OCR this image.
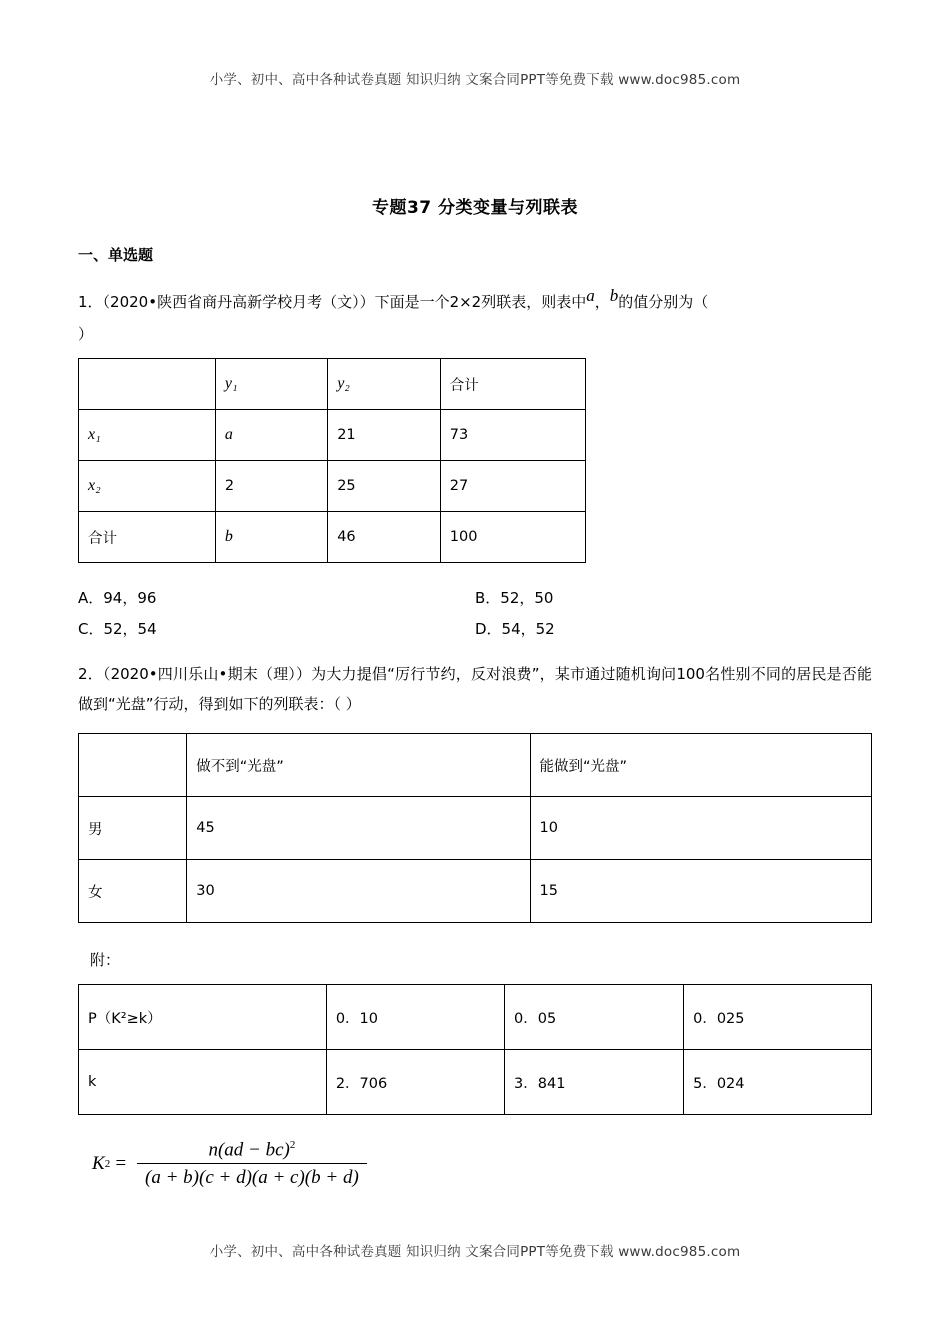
小学、初中、高中各种试卷真题 知识归纳 文案合同PPT等免费下载 www.doc985.com
专题37 分类变量与列联表
一、单选题
1．（2020•陕西省商丹高新学校月考（文））下面是一个2×2列联表，则表中a，b的值分别为（
）
	y₁	y₂	合计
x₁	a	21	73
x₂	2	25	27
合计	b	46	100
A．94，96	B．52，50
C．52，54	D．54，52
2．（2020•四川乐山•期末（理））为大力提倡“厉行节约，反对浪费”，某市通过随机询问100名性别不同的居民是否能做到“光盘”行动，得到如下的列联表：（ ）
	做不到“光盘”	能做到“光盘”
男	45	10
女	30	15
附：
P（K²≥k）	0．10	0．05	0．025
k	2．706	3．841	5．024
K $2 = \frac{n(ad - bc)^2}{(a + b)(c + d)(a + c)(b + d)}$
小学、初中、高中各种试卷真题 知识归纳 文案合同PPT等免费下载 www.doc985.com
